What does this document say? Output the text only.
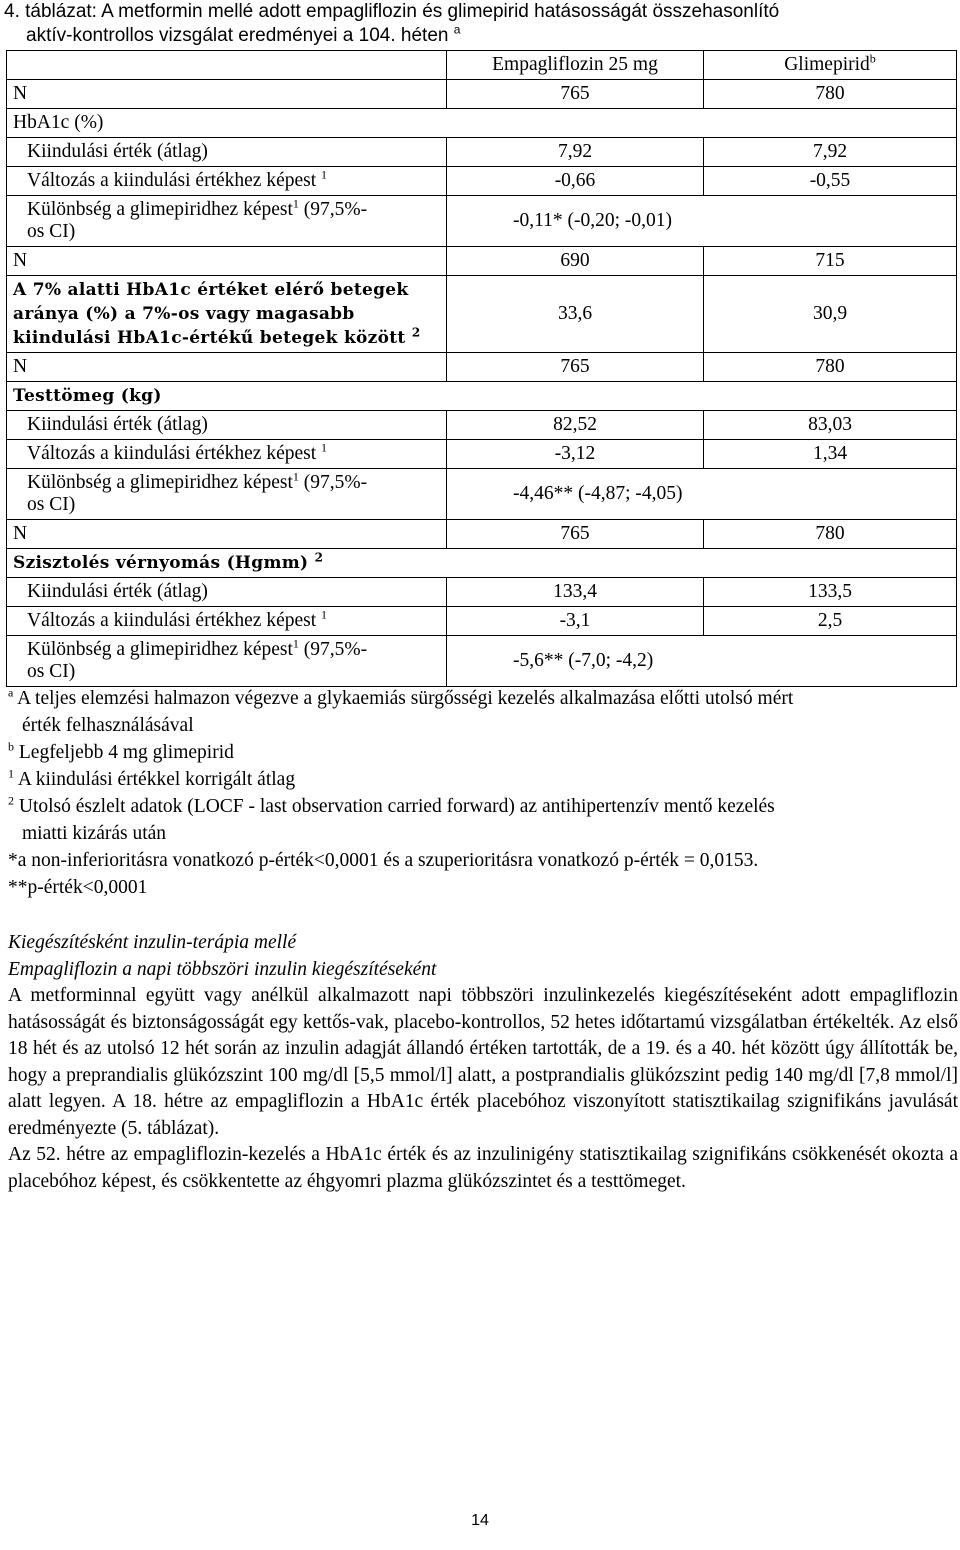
4. táblázat: A metformin mellé adott empagliflozin és glimepirid hatásosságát összehasonlító
aktív-kontrollos vizsgálat eredményei a 104. héten $^a$
	Empagliflozin 25 mg	Glimepirid$^b$
N	765	780
HbA1c (%)		
Kiindulási érték (átlag)	7,92	7,92
Változás a kiindulási értékhez képest $^1$	-0,66	-0,55
Különbség a glimepiridhez képest$^1$ (97,5%-
os CI)	-0,11* (-0,20; -0,01)	
N	690	715
A 7% alatti HbA1c értéket elérő betegek
aránya (%) a 7%-os vagy magasabb
kiindulási HbA1c-értékű betegek között $^2$	33,6	30,9
N	765	780
Testtömeg (kg)		
Kiindulási érték (átlag)	82,52	83,03
Változás a kiindulási értékhez képest $^1$	-3,12	1,34
Különbség a glimepiridhez képest$^1$ (97,5%-
os CI)	-4,46** (-4,87; -4,05)	
N	765	780
Szisztolés vérnyomás (Hgmm) $^2$
Kiindulási érték (átlag)	133,4	133,5
Változás a kiindulási értékhez képest $^1$	-3,1	2,5
Különbség a glimepiridhez képest$^1$ (97,5%-
os CI)	-5,6** (-7,0; -4,2)	
$^a$ A teljes elemzési halmazon végezve a glykaemiás sürgősségi kezelés alkalmazása előtti utolsó mért
érték felhasználásával
$^b$ Legfeljebb 4 mg glimepirid
$^1$ A kiindulási értékkel korrigált átlag
$^2$ Utolsó észlelt adatok (LOCF - last observation carried forward) az antihipertenzív mentő kezelés
miatti kizárás után
*a non-inferioritásra vonatkozó p-érték<0,0001 és a szuperioritásra vonatkozó p-érték = 0,0153.
**p-érték<0,0001
Kiegészítésként inzulin-terápia mellé
Empagliflozin a napi többszöri inzulin kiegészítéseként

A metforminnal együtt vagy anélkül alkalmazott napi többszöri inzulinkezelés kiegészítéseként adott empagliflozin hatásosságát és biztonságosságát egy kettős-vak, placebo-kontrollos, 52 hetes időtartamú vizsgálatban értékelték. Az első 18 hét és az utolsó 12 hét során az inzulin adagját állandó értéken tartották, de a 19. és a 40. hét között úgy állították be, hogy a preprandialis glükózszint 100 mg/dl [5,5 mmol/l] alatt, a postprandialis glükózszint pedig 140 mg/dl [7,8 mmol/l] alatt legyen. A 18. hétre az empagliflozin a HbA1c érték placebóhoz viszonyított statisztikailag szignifikáns javulását eredményezte (5. táblázat).

Az 52. hétre az empagliflozin-kezelés a HbA1c érték és az inzulinigény statisztikailag szignifikáns csökkenését okozta a placebóhoz képest, és csökkentette az éhgyomri plazma glükózszintet és a testtömeget.

14
